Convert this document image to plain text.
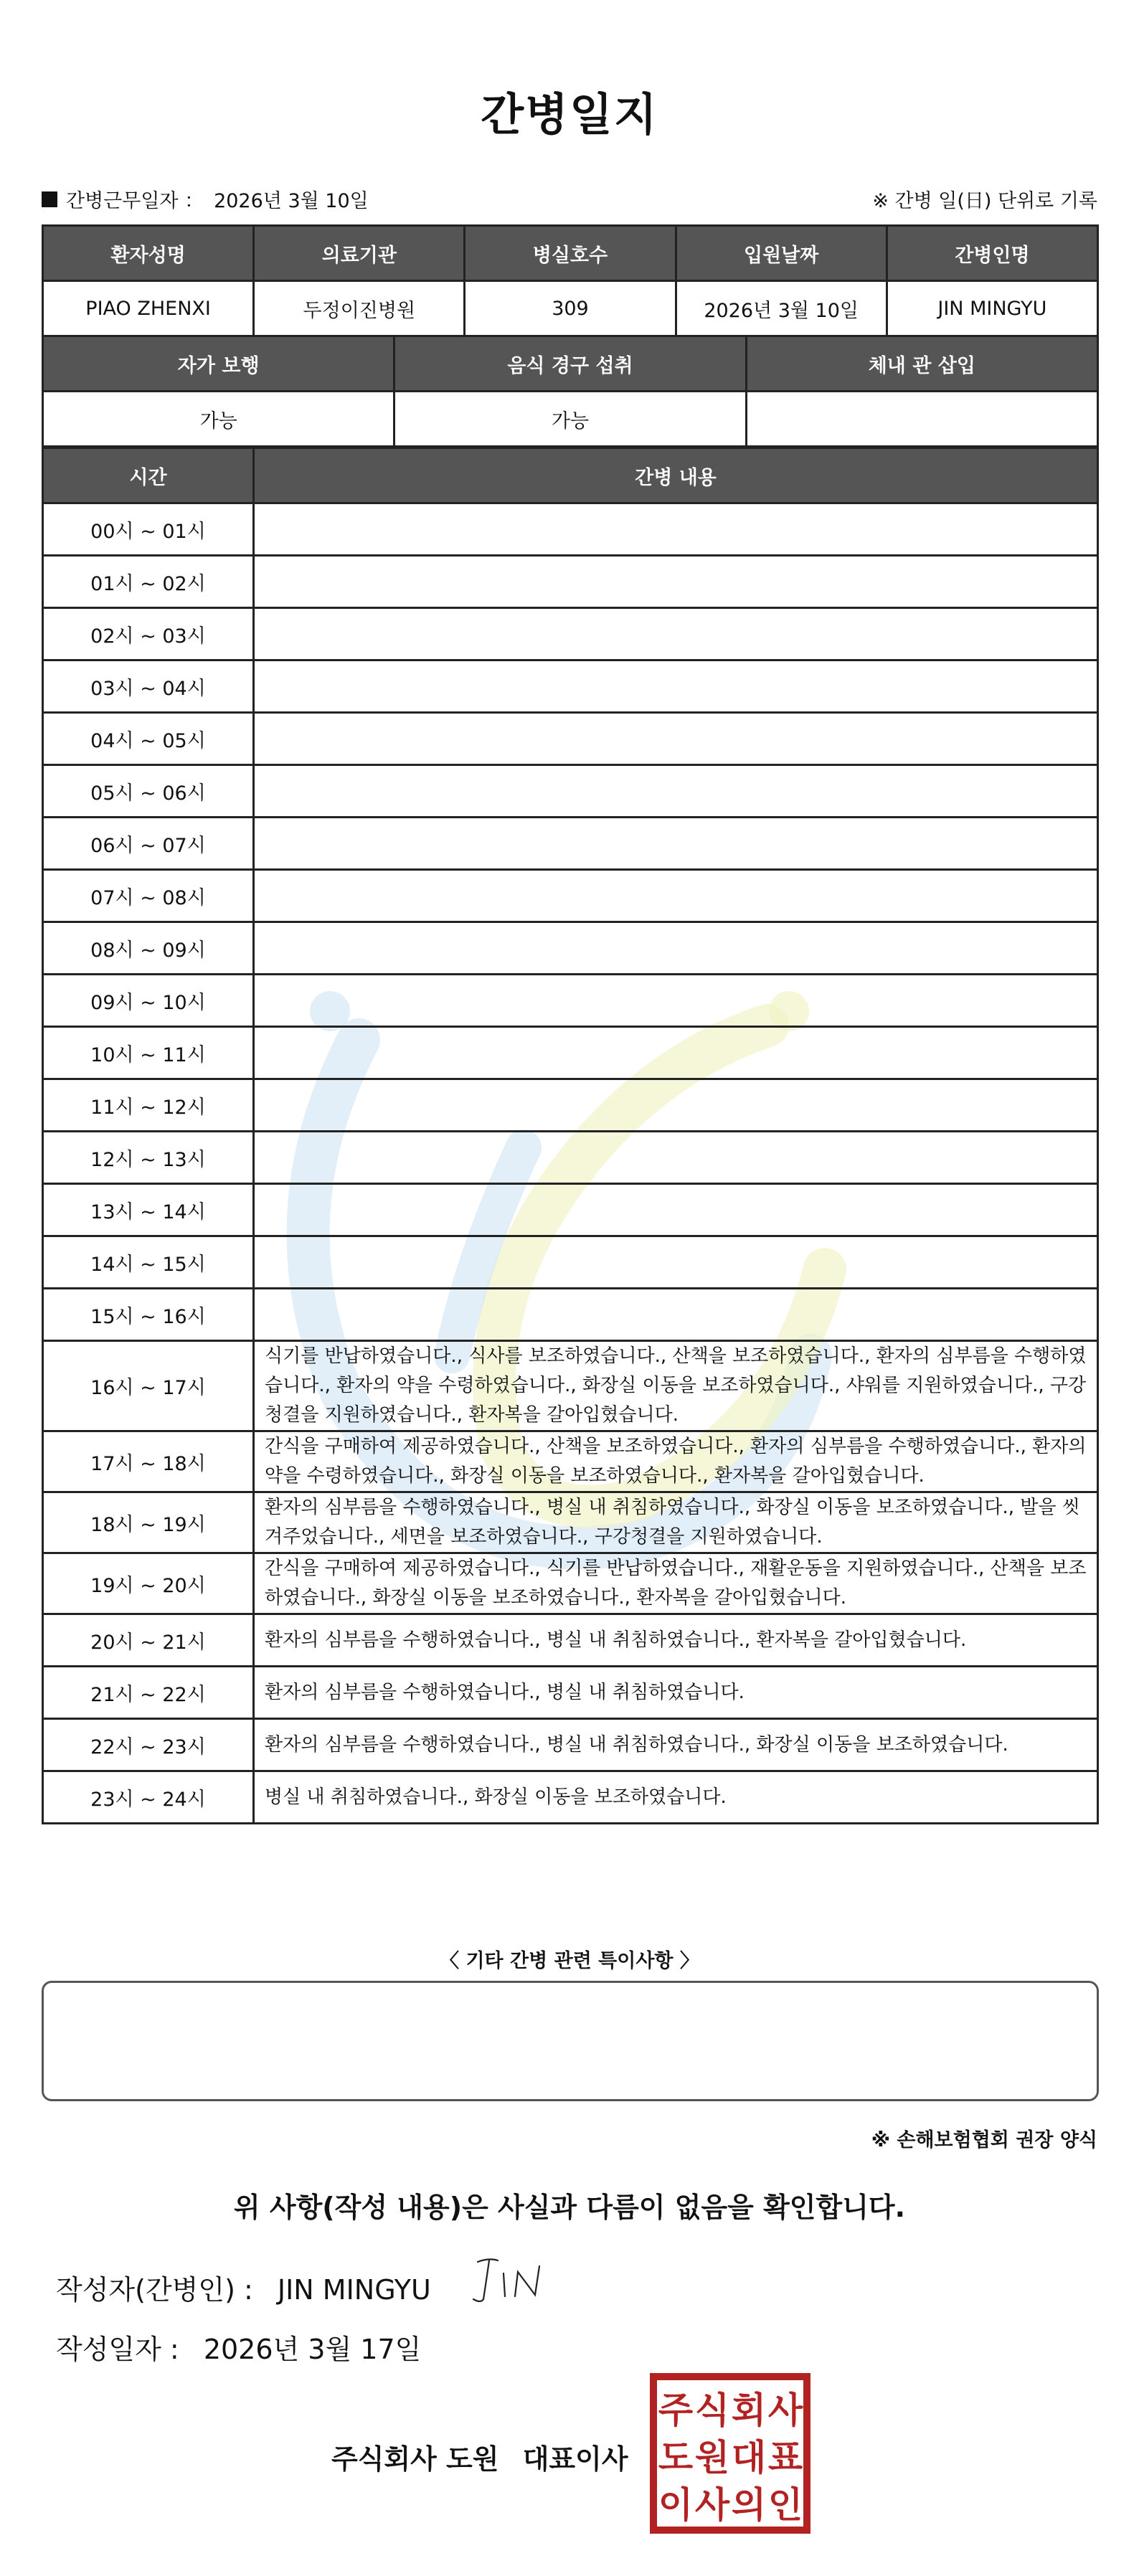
간병일지
간병근무일자 ： 2026년 3월 10일	※ 간병 일(日) 단위로 기록
환자성명	의료기관	병실호수	입원날짜	간병인명
PIAO ZHENXI	두정이진병원	309	2026년 3월 10일	JIN MINGYU
자가 보행	음식 경구 섭취	체내 관 삽입
가능	가능	
시간	간병 내용
00시 ~ 01시	
01시 ~ 02시	
02시 ~ 03시	
03시 ~ 04시	
04시 ~ 05시	
05시 ~ 06시	
06시 ~ 07시	
07시 ~ 08시	
08시 ~ 09시	
09시 ~ 10시	
10시 ~ 11시	
11시 ~ 12시	
12시 ~ 13시	
13시 ~ 14시	
14시 ~ 15시	
15시 ~ 16시	
16시 ~ 17시	식기를 반납하였습니다., 식사를 보조하였습니다., 산책을 보조하였습니다., 환자의 심부름을 수행하였습니다., 환자의 약을 수령하였습니다., 화장실 이동을 보조하였습니다., 샤워를 지원하였습니다., 구강청결을 지원하였습니다., 환자복을 갈아입혔습니다.
17시 ~ 18시	간식을 구매하여 제공하였습니다., 산책을 보조하였습니다., 환자의 심부름을 수행하였습니다., 환자의 약을 수령하였습니다., 화장실 이동을 보조하였습니다., 환자복을 갈아입혔습니다.
18시 ~ 19시	환자의 심부름을 수행하였습니다., 병실 내 취침하였습니다., 화장실 이동을 보조하였습니다., 발을 씻겨주었습니다., 세면을 보조하였습니다., 구강청결을 지원하였습니다.
19시 ~ 20시	간식을 구매하여 제공하였습니다., 식기를 반납하였습니다., 재활운동을 지원하였습니다., 산책을 보조하였습니다., 화장실 이동을 보조하였습니다., 환자복을 갈아입혔습니다.
20시 ~ 21시	환자의 심부름을 수행하였습니다., 병실 내 취침하였습니다., 환자복을 갈아입혔습니다.
21시 ~ 22시	환자의 심부름을 수행하였습니다., 병실 내 취침하였습니다.
22시 ~ 23시	환자의 심부름을 수행하였습니다., 병실 내 취침하였습니다., 화장실 이동을 보조하였습니다.
23시 ~ 24시	병실 내 취침하였습니다., 화장실 이동을 보조하였습니다.
〈 기타 간병 관련 특이사항 〉
※ 손해보험협회 권장 양식
위 사항(작성 내용)은 사실과 다름이 없음을 확인합니다.
작성자(간병인) : JIN MINGYU
작성일자 : 2026년 3월 17일
주식회사 도원 대표이사
주 식 회 사
도 원 대 표
이 사 의 인
